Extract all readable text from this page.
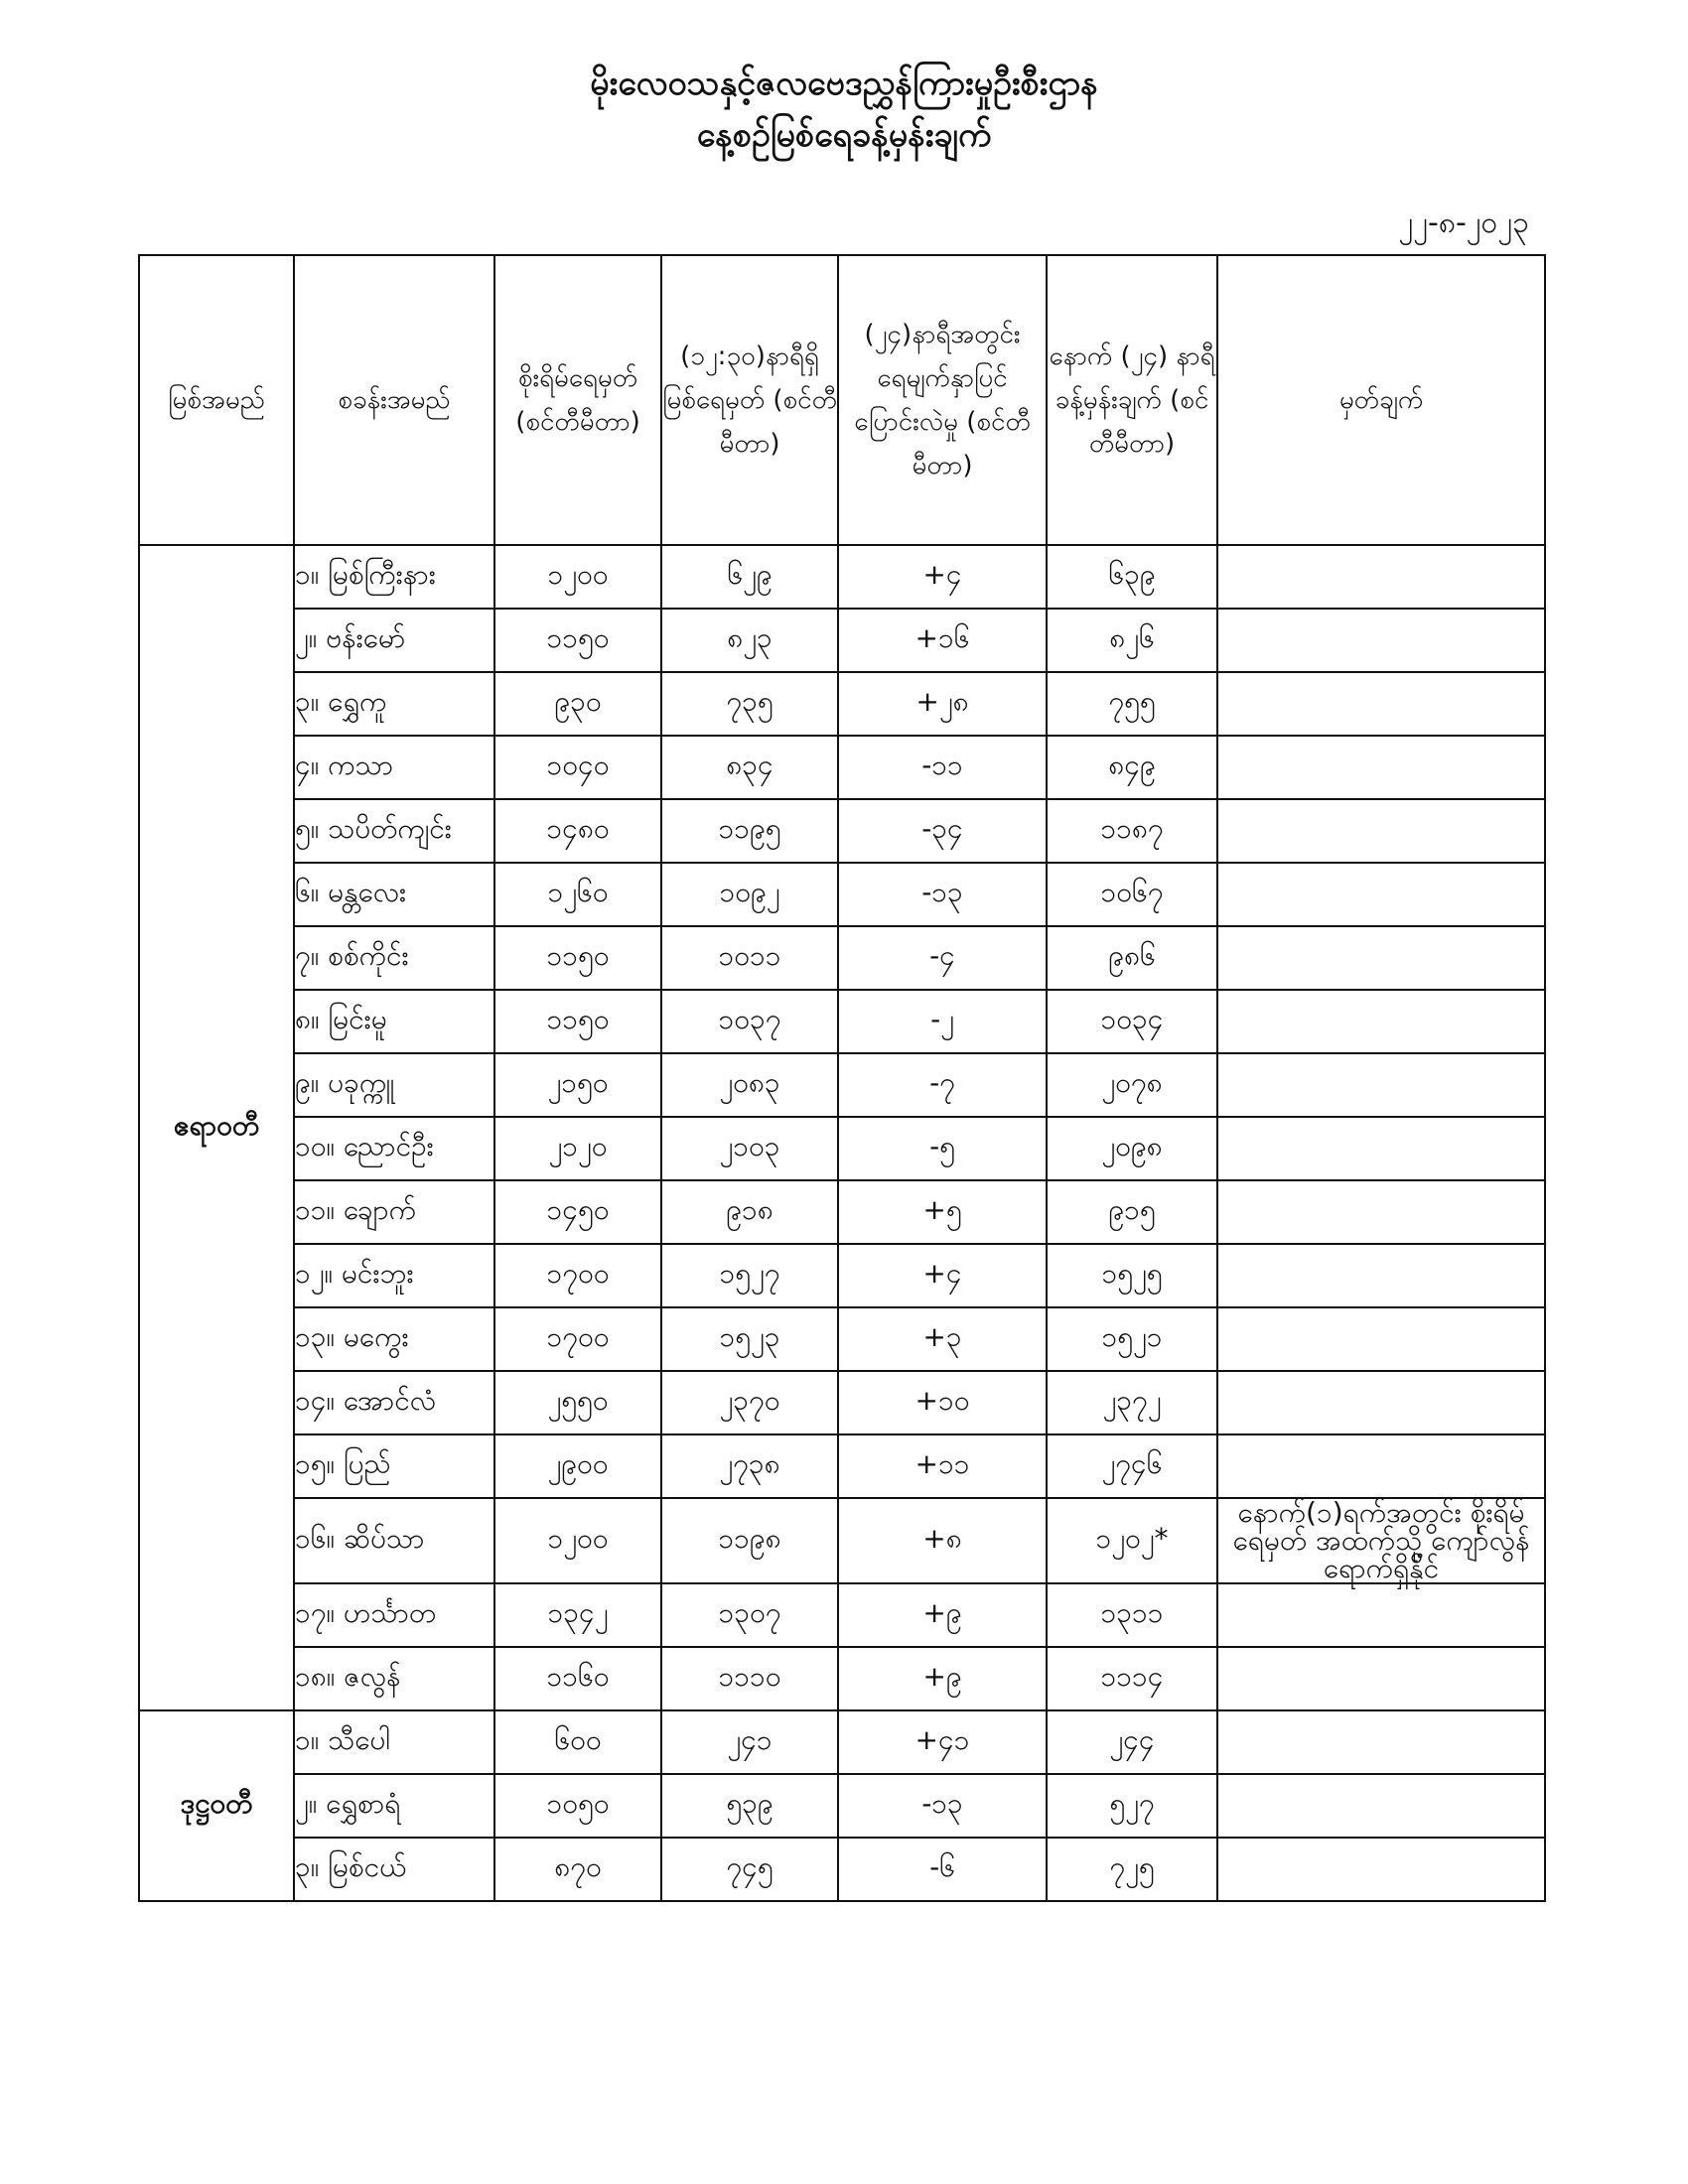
မိုးလေဝသနှင့်ဇလဗေဒညွှန်ကြားမှုဦးစီးဌာန
နေ့စဉ်မြစ်ရေခန့်မှန်းချက်
၂၂-၈-၂၀၂၃
မြစ်အမည်	စခန်းအမည်	စိုးရိမ်ရေမှတ် (စင်တီမီတာ)	(၁၂:၃၀)နာရီရှိ မြစ်ရေမှတ် (စင်တီမီတာ)	(၂၄)နာရီအတွင်း ရေမျက်နှာပြင် ပြောင်းလဲမှု (စင်တီမီတာ)	နောက် (၂၄) နာရီ ခန့်မှန်းချက် (စင်တီမီတာ)	မှတ်ချက်
ဧရာဝတီ	၁။ မြစ်ကြီးနား	၁၂၀၀	၆၂၉	+၄	၆၃၉	
	၂။ ဗန်းမော်	၁၁၅၀	၈၂၃	+၁၆	၈၂၆	
	၃။ ရွှေကူ	၉၃၀	၇၃၅	+၂၈	၇၅၅	
	၄။ ကသာ	၁၀၄၀	၈၃၄	-၁၁	၈၄၉	
	၅။ သပိတ်ကျင်း	၁၄၈၀	၁၁၉၅	-၃၄	၁၁၈၇	
	၆။ မန္တလေး	၁၂၆၀	၁၀၉၂	-၁၃	၁၀၆၇	
	၇။ စစ်ကိုင်း	၁၁၅၀	၁၀၁၁	-၄	၉၈၆	
	၈။ မြင်းမူ	၁၁၅၀	၁၀၃၇	-၂	၁၀၃၄	
	၉။ ပခုက္ကူ	၂၁၅၀	၂၀၈၃	-၇	၂၀၇၈	
	၁၀။ ညောင်ဦး	၂၁၂၀	၂၁၀၃	-၅	၂၀၉၈	
	၁၁။ ချောက်	၁၄၅၀	၉၁၈	+၅	၉၁၅	
	၁၂။ မင်းဘူး	၁၇၀၀	၁၅၂၇	+၄	၁၅၂၅	
	၁၃။ မကွေး	၁၇၀၀	၁၅၂၃	+၃	၁၅၂၁	
	၁၄။ အောင်လံ	၂၅၅၀	၂၃၇၀	+၁၀	၂၃၇၂	
	၁၅။ ပြည်	၂၉၀၀	၂၇၃၈	+၁၁	၂၇၄၆	
	၁၆။ ဆိပ်သာ	၁၂၀၀	၁၁၉၈	+၈	၁၂၀၂*	နောက်(၁)ရက်အတွင်း စိုးရိမ်ရေမှတ် အထက်သို့ ကျော်လွန်ရောက်ရှိနိုင်
	၁၇။ ဟင်္သာတ	၁၃၄၂	၁၃၀၇	+၉	၁၃၁၁	
	၁၈။ ဇလွန်	၁၁၆၀	၁၁၁၀	+၉	၁၁၁၄	
ဒုဋ္ဌဝတီ	၁။ သီပေါ	၆၀၀	၂၄၁	+၄၁	၂၄၄	
	၂။ ရွှေစာရံ	၁၀၅၀	၅၃၉	-၁၃	၅၂၇	
	၃။ မြစ်ငယ်	၈၇၀	၇၄၅	-၆	၇၂၅	
